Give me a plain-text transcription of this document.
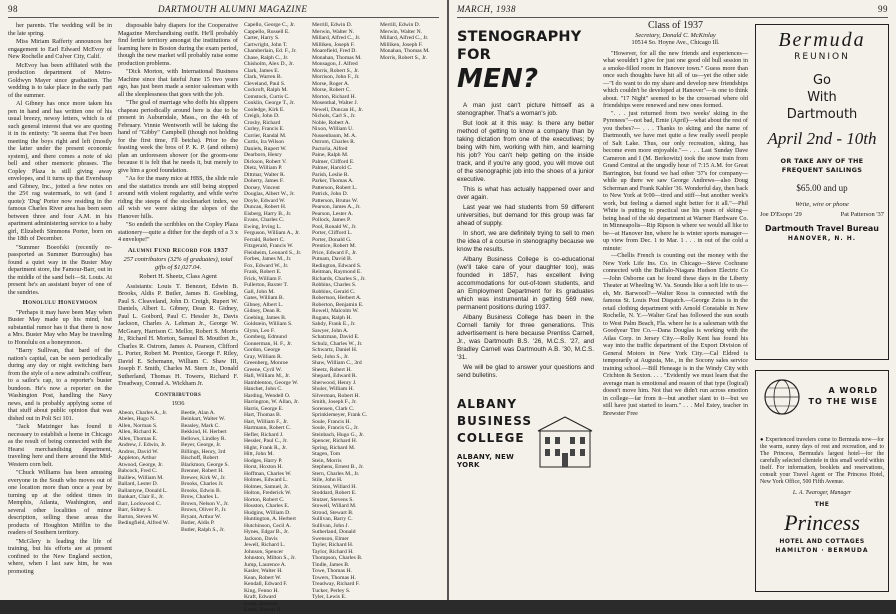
98	DARTMOUTH ALUMNI MAGAZINE

her parents. The wedding will be in the late spring.

Miss Miriam Rafferty announces her engagement to Earl Edward McEvoy of New Rochelle and Culver City, Calif.

McEvoy has been affiliated with the production department of Metro-Goldwyn Mayer since graduation. The wedding is to take place in the early part of the summer.

Al Gibney has once more taken his pen in hand and has written one of his usual breezy, newsy letters, which is of such general interest that we are quoting it in its entirety: "It seems that I've been meeting the boys right and left (mostly the latter under the present economic system), and there comes a note of ski bell and other memoric phrases. The Copley Plaza is still giving away envelopes, and it turns up that Evershaup and Gibney, Inc., jotted a few notes on the 25¢ rag watermark, to wit (and I quote): 'Dug' Porter now residing in the famous Charles River area has been seen between three and four A.M. in his apartment administering service to a baby girl, Elizabeth Simmons Porter, born on the 18th of December.

"Summer Boeofski (recently re-passported as Summer Burroughs) has found a quiet way in the Buster May department store, the Famour-Barr, out in the middle of the sand belt—St. Louis. At present he's an assistant buyer of one of the sundries.

Honolulu Honeymoon

"Perhaps it may have been May when Buster May made up his mind, but substantial rumor has it that there is now a Mrs. Buster May who May be traveling to Honolulu on a honeymoon.

"Barry Sullivan, that bard of the nation's capital, can be seen periodically during any day or night switching bars from the style of a new admiral's coiffeur, to a sailor's cap, to a reporter's buster bundoon. He's now a reporter on the Washington Post, handling the Navy news, and is probably applying some of that stuff about public opinion that was dished out in Poli Sci 101.

"Jack Matzinger has found it necessary to establish a home in Chicago as the result of being connected with the Hearst merchandising department, traveling here and there around the Mid-Western corn belt.

"Chuck Williams has been amusing everyone in the South who moves out of one location more than once a year by turning up at the oddest times in Memphis, Atlanta, Washington, and several other localities of minor description, selling these areas the products of Houghton Mifflin to the readers of Southern territory.

"McGlery is leading the life of training, but his efforts are at present confined to the New England section, where, when I last saw him, he was promoting

disposable baby diapers for the Cooperative Magazine Merchandising outfit. He'll probably find fertile territory amongst the institutions of learning here in Boston during the exam period, though the new market will probably raise some production problems.

"Dick Morton, with International Business Machine since that fateful June 15 two years ago, has just been made a senior salesman with all the sleeplessness that goes with the job.

"The goal of marriage who doffs his slippers chapeau periodically around here is due to be present in Auburndale, Mass., on the 4th of February. Vinnie Wentworth will be taking the hand of "Gibby" Campbell (though not holding for the first time, I'll betcha). Prior to the feasting week the bros of P. K. P. (and others) plan an unforeseen shower (or the groom-one because it is felt that he needs it, but merely to give him a good foundation.

"As for the many mice at HBS, the slide rule and the statistics trends are still being stopped around with violent regularity, and while we're riding the steeps of the stockmarket index, we all wish we were skiing the slopes of the Hanover hills.

"So endeth the scribbles on the Copley Plaza stationery—quite a dither for the depth of a 3 x 4 envelope!"

Alumni Fund Record for 1937
257 contributors (32% of graduates), total gifts of $1,027.04.
Robert H. Sheetz, Class Agent

Assistants: Louis T. Benezet, Edwin B. Brooks, Aldis P. Butler, James B. Goebling, Paul S. Cleaveland, John D. Creigh, Rupert W. Daniels, Albert L. Gibney, Dean R. Gidney, Paul L. Goibord, Paul C. Hessler Jr., Davis Jackson, Charles A. Lehman Jr., George W. McGeary, Harrison C. Mellor, Robert S. Morris Jr., Richard H. Morton, Samuel B. Moutfort Jr., Charles R. Ostrom, James A. Pearson, Clifford L. Porter, Robert M. Prentice, George F. Riley, David E. Schemann, William C. Shaw III, Joseph F. Smith, Charles M. Stern Jr., Donald Sutherland, Thomas H. Towers, Richard F. Treadway, Conrad A. Wickham Jr.

Contributors
1936
Abeon, Charles A., Jr.
Abeles, Hugo N.
Allen, Norman S.
Allen, Richard K.
Allen, Thomas E.
Andrew, J. Edwin, Jr.
Andros, David W.
Appleton, Arthur
Atwood, George, Jr.
Babcock, Fred C.
Baillew, William M.
Ballard, Lester D.
Ballantyne, Donald L.
Bankart, Clair E., Jr.
Barr, Lockwood C.
Barr, Sidney S.
Barton, Steven W.
Bedingfield, Alfred W.
Beetle, Alan A.
Beinhart, Walter W.
Beasley, Mark C.
Bekkind, H. Herbert
Bellows, Lindley R.
Beyer, George, Jr.
Billings, Henry, 3rd
Bischoff, Robert
Blackmon, George S.
Brenner, Robert H.
Brewer, Kirk W., Jr.
Brooks, Charles Jr.
Brooks, Edwin B.
Brow, Charles L.
Brown, Nelson V., Jr.
Brown, Oliver P., Jr.
Bryant, Arthur W.
Butler, Aldis P.
Butler, Ralph S., Jr.
Capello, George C., Jr.
Cappello, Russell E.
Carter, Harry S.
Cartwright, John T.
Chamberlain, Ed. F., Jr.
Chase, Ralph C., Jr.
Chisholm, Alex D., Jr.
Clark, James E.
Clark, Warren B.
Cleveland, Paul S.
Cockroft, Ralph M.
Comstock, Curtis C.
Conklin, George T., Jr.
Cooledge, Kirk E.
Creigh, John D.
Crosby, Richard
Curley, Francis E.
Currier, Randal M.
Curtis, Ira Wilson
Daniels, Rupert W.
Dearborn, Henry
Dickson, Robert V.
Dietz, William P.
Dittmar, Walter R.
Doherty, James F.
Dorsey, Vincent
Douglas, Albert W., Jr.
Doyle, Edward W.
Duncan, Robert H.
Eisberg, Harry B., Jr.
Evans, Charles C.
Ewing, Irving L.
Ferguson, William A., Jr.
Ferrald, Robert C.
Fitzgerald, Francis W.
Fleisheim, Leonard S., Jr.
Forbes, James M., Jr.
Fox, Edward W., Jr.
Frank, Robert E.
Frick, William F.
Fullerton, Baxter T.
Gall, John M.
Gates, William B.
Gibney, Albert L.
Gidney, Dean R.
Goebing, James B.
Goldstein, William S.
Glynn, Leo F.
Gomberg, Edmund
Gonnerman, H. F., Jr.
Gordon, George
Gray, William R.
Greenberg, Monroe
Greene, Cyril W.
Hall, William M., Jr.
Hamblenton, George W.
Hanchet, John C.
Harding, Wendell O.
Harrington, W. Allan, Jr.
Harris, George E.
Hart, Thomas B.
Hart, William F., Jr.
Hartmann, Robert C.
Hefler, Richard J.
Hessler, Paul C., Jr.
Hight, Frank R., Jr.
Hitt, John M.
Hodges, Harry P.
Horst, Hoxton H.
Hoffman, Charles W.
Holmes, Edward L.
Holmes, Samuel, Jr.
Holton, Frederick W.
Horton, Robert C.
Houston, Charles E.
Hudgins, William D.
Huntington, A. Herbert
Hutchinson, Cecil A.
Hynes, Edgar B., Jr.
Jackson, Davis
Jewell, Richard L.
Johnson, Spencer
Johnston, Milton S., Jr.
Jump, Laurence A.
Kasler, Walter H.
Kean, Robert W.
Kendall, Edward F.
King, Fenno H.
Kraft, Edward
Kurtz, Richard
Lamb, Robert H.
Merrill, Edwin D.
Merwin, Walter N.
Millard, Alfred C., Jr.
Milliken, Joseph F.
Moarefield, Fred D.
Monahan, Thomas M.
Monsagon, J. Alfred
Morris, Robert S., Jr.
Morrison, John F., Jr.
Morse, Roger A.
Morse, Robert C.
Morton, Richard H.
Mosenthal, Walter J.
Newell, Duncan H., Jr.
Nichols, Carl S., Jr.
Noble, Robert A.
Nixon, William U.
Nussenbaum, M. A.
Ostrom, Charles R.
Pactoria, Alfred
Paine, Ralph M.
Palmer, Clifford E.
Palmer, Harold C.
Parish, Leslie R.
Parker, Thomas A.
Patterson, Robert L.
Patrick, John D.
Patterson, Brutus W.
Pearson, James A., Jr.
Pearson, Lester A.
Pollock, James P.
Pool, Ronald W., Jr.
Porter, Clifford L.
Porter, Donald G.
Prentice, Robert M.
Price, Edward F., Jr.
Putnam, David B.
Redington, Edward S.
Reitman, Raymond E.
Richards, Charles S., Jr.
Robbins, Charles S.
Robbins, Gerald C.
Robertson, Herbert A.
Roberton, Benjamin E.
Rowell, Malcolm W.
Rugans, Ralph H.
Sahdy, Frank E., Jr.
Sawyer, John A.
Schatzman, David E.
Schulz, Charles W., Jr.
Schwartz, Daniel H.
Selz, John S., Jr.
Shaw, William C., 3rd
Sheetz, Robert H.
Shepard, Edward R.
Sherwood, Henry J.
Shuler, William H.
Silverman, Robert H.
Smith, Joseph F., Jr.
Sorensen, Clark C.
Sprinklemeyer, Frank C.
Soule, Francis H.
Soule, Francis G., Jr.
Steinbach, Hugo G., Jr.
Spencer, Richard H.
Spring, Richard M.
Stagen, Tom
Stein, Morris
Stephens, Ernest B., Jr.
Stern, Charles M., Jr.
Stile, John H.
Stimson, Willard H.
Stoddard, Robert E.
Stutzer, Stevens S.
Stowell, Willard M.
Stroud, Stewart B.
Sullivan, Barry C.
Sullivan, John J.
Sutherland, Donald
Swenson, Elmer
Tayler, Richard H.
Taylor, Richard H.
Thompson, Charles B.
Tindle, James B.
Towe, Thomas H.
Towers, Thomas H.
Treadway, Richard F.
Tucker, Perley S.
Tyler, Lewis E.
Merrill, Edwin D.
Merwin, Walter N.
Millard, Alfred C., Jr.
Milliken, Joseph F.
Monahan, Thomas M.
Morris, Robert S., Jr.
MARCH, 1938	99
STENOGRAPHY FOR
MEN?

A man just can't picture himself as a stenographer. That's a woman's job.

But look at it this way: Is there any better method of getting to know a company than by taking dictation from one of the executives; by being with him, working with him, and learning his job? You can't help getting on the inside track, and if you're any good, you will move out of the stenographic job into the shoes of a junior executive.

This is what has actually happened over and over again.

Last year we had students from 59 different universities, but demand for this group was far ahead of supply.

In short, we are definitely trying to sell to men the idea of a course in stenography because we know the results.

Albany Business College is co-educational (we'll take care of your daughter too), was founded in 1857, has excellent living accommodations for out-of-town students, and an Employment Department for its graduates which was instrumental in getting 569 new, permanent positions during 1937.

Albany Business College has been in the Cornell family for three generations. This advertisement is here because Prentiss Carnell, Jr., was Dartmouth B.S. '26, M.C.S. '27, and Bradley Carnell was Dartmouth A.B. '30, M.C.S. '31.

We will be glad to answer your questions and send bulletins.

ALBANY
BUSINESS
COLLEGE
ALBANY, NEW YORK
Class of 1937
Secretary, Donald C. McKinlay
10514 So. Hoyne Ave., Chicago Ill.

"However, for all the new friends and experiences—what wouldn't I give for just one good old bull session in a smoke-filled room in Hanover town." Guess more than once such thoughts have hit all of us—yet the other side—"I do want to do my share and develop new friendships which couldn't be developed at Hanover"—is one to think about. "17 Night" seemed to be the crossroad where old friendships were renewed and new ones formed.

". . . just returned from two weeks' skiing in the Pyrenees"—not bad, Ernie (April)—what about the rest of you thebes?— . . . Thanks to skiing and the name of Dartmouth, we have met quite a few really swell people of Salt Lake. Thus, our only recreation, skiing, has become even more enjoyable."— . . . Last Sunday Dave Cameron and I (M. Berkowitz) took the snow train from Grand Central at the ungodly hour of 7:15 A.M. for Great Barrington, but found we had other '37's for company—while up there we saw George Andrews—also Doug Scherman and Frank Kahler '36. Wonderful day, then back to New York at 9:00—tired and stiff—but another week's work, but feeling a darned sight better for it all."—Phil White is putting to practical use his years of skiing—being head of the ski department at Warner Hardware Co. in Minneapolis—Rip Ripson is where we would all like to be—at Hanover Inn, where he is winter sports manager—up view from Dec. 1 to Mar. 1 . . . in out of the cold a minute:

—Chellis French is counting out the money with the New York Life Ins. Co. in Chicago—Steve Cochrane connected with the Buffalo-Niagara Hudson Electric Co—John Osborne can be found these days in the Liberty Theater at Wheeling W. Va. Sounds like a soft life to us—eh, Mr. Barwood?—Walter Ross is connected with the famous St. Louis Post Dispatch.—George Zeiss is in the retail clothing department with Arnold Constable in New Rochelle, N. Y.—Walter Graf has followed the sun south to West Palm Beach, Fla. where he is a salesman with the Goodyear Tire Co.—Dana Douglas is working with the Atlas Corp. in Jersey City.—Rolly Kent has found his way into the traffic department of the Export Division of General Motors in New York City.—Cal Eldred is temporarily at Augusta, Me., in the Socony sales service training school.—Bill Heneage is in the Windy City with Crichton & Sexton. . . . "Evidently we must learn that the average man is emotional and reason of that type (logical) doesn't move him. Not that we didn't run across emotion in college—far from it—but another slant to it—but we still have just started to learn." . . . Mel Estey, teacher in Brewster Free

Bermuda
REUNION
Go
With
Dartmouth
April 2nd - 10th
OR TAKE ANY OF THE FREQUENT SAILINGS
$65.00 and up
Write, wire or phone
Joe D'Esopo '29	Pat Patterson '37
Dartmouth Travel Bureau
HANOVER, N. H.
A WORLD
TO THE WISE
● Experienced travelers come to Bermuda now—for the warm, sunny days of rest and recreation, and to The Princess, Bermuda's largest hotel—for the carefully selected clientele in this small world within itself. For information, booklets and reservations, consult your Travel Agent or The Princess Hotel, New York Office, 500 Fifth Avenue.
L. A. Twaroger, Manager
THE
Princess
HOTEL AND COTTAGES
HAMILTON · BERMUDA
